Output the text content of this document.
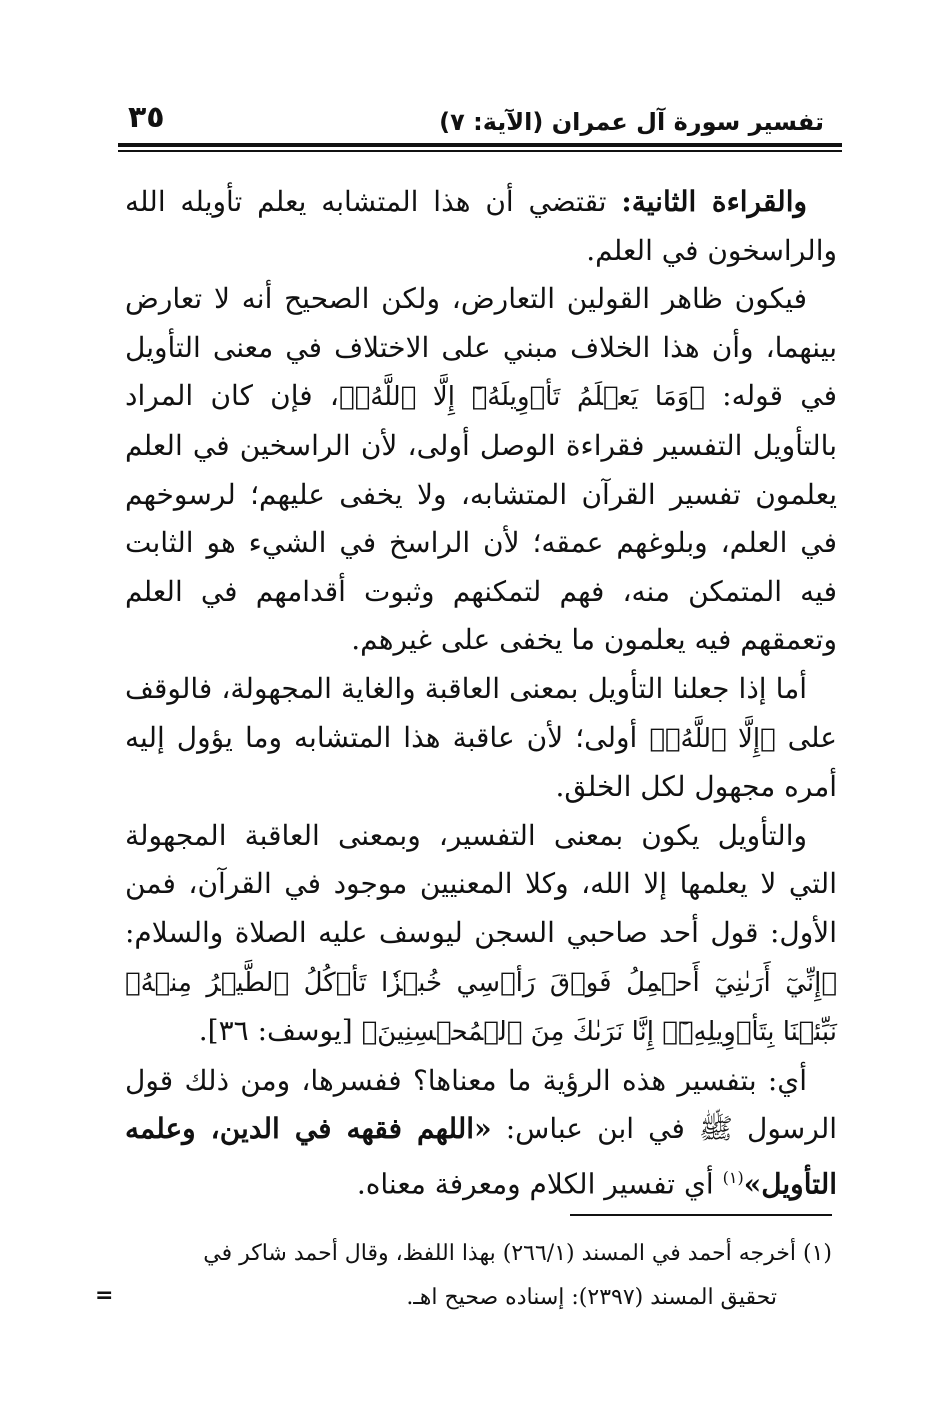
٣٥	تفسير سورة آل عمران (الآية: ٧)

والقراءة الثانية: تقتضي أن هذا المتشابه يعلم تأويله الله والراسخون في العلم.

فيكون ظاهر القولين التعارض، ولكن الصحيح أنه لا تعارض بينهما، وأن هذا الخلاف مبني على الاختلاف في معنى التأويل في قوله: ﴿وَمَا يَعۡلَمُ تَأۡوِيلَهُۥٓ إِلَّا ٱللَّهُۗ﴾، فإن كان المراد بالتأويل التفسير فقراءة الوصل أولى، لأن الراسخين في العلم يعلمون تفسير القرآن المتشابه، ولا يخفى عليهم؛ لرسوخهم في العلم، وبلوغهم عمقه؛ لأن الراسخ في الشيء هو الثابت فيه المتمكن منه، فهم لتمكنهم وثبوت أقدامهم في العلم وتعمقهم فيه يعلمون ما يخفى على غيرهم.

أما إذا جعلنا التأويل بمعنى العاقبة والغاية المجهولة، فالوقف على ﴿إِلَّا ٱللَّهُۗ﴾ أولى؛ لأن عاقبة هذا المتشابه وما يؤول إليه أمره مجهول لكل الخلق.

والتأويل يكون بمعنى التفسير، وبمعنى العاقبة المجهولة التي لا يعلمها إلا الله، وكلا المعنيين موجود في القرآن، فمن الأول: قول أحد صاحبي السجن ليوسف عليه الصلاة والسلام: ﴿إِنِّيٓ أَرَىٰنِيٓ أَحۡمِلُ فَوۡقَ رَأۡسِي خُبۡزٗا تَأۡكُلُ ٱلطَّيۡرُ مِنۡهُۖ نَبِّئۡنَا بِتَأۡوِيلِهِۦٓۖ إِنَّا نَرَىٰكَ مِنَ ٱلۡمُحۡسِنِينَ﴾ [يوسف: ٣٦].

أي: بتفسير هذه الرؤية ما معناها؟ ففسرها، ومن ذلك قول الرسول ﷺ في ابن عباس: «اللهم فقهه في الدين، وعلمه التأويل»$^{(١)}$ أي تفسير الكلام ومعرفة معناه.

(١) أخرجه أحمد في المسند (٢٦٦/١) بهذا اللفظ، وقال أحمد شاكر في

تحقيق المسند (٢٣٩٧): إسناده صحيح اهـ.

=
